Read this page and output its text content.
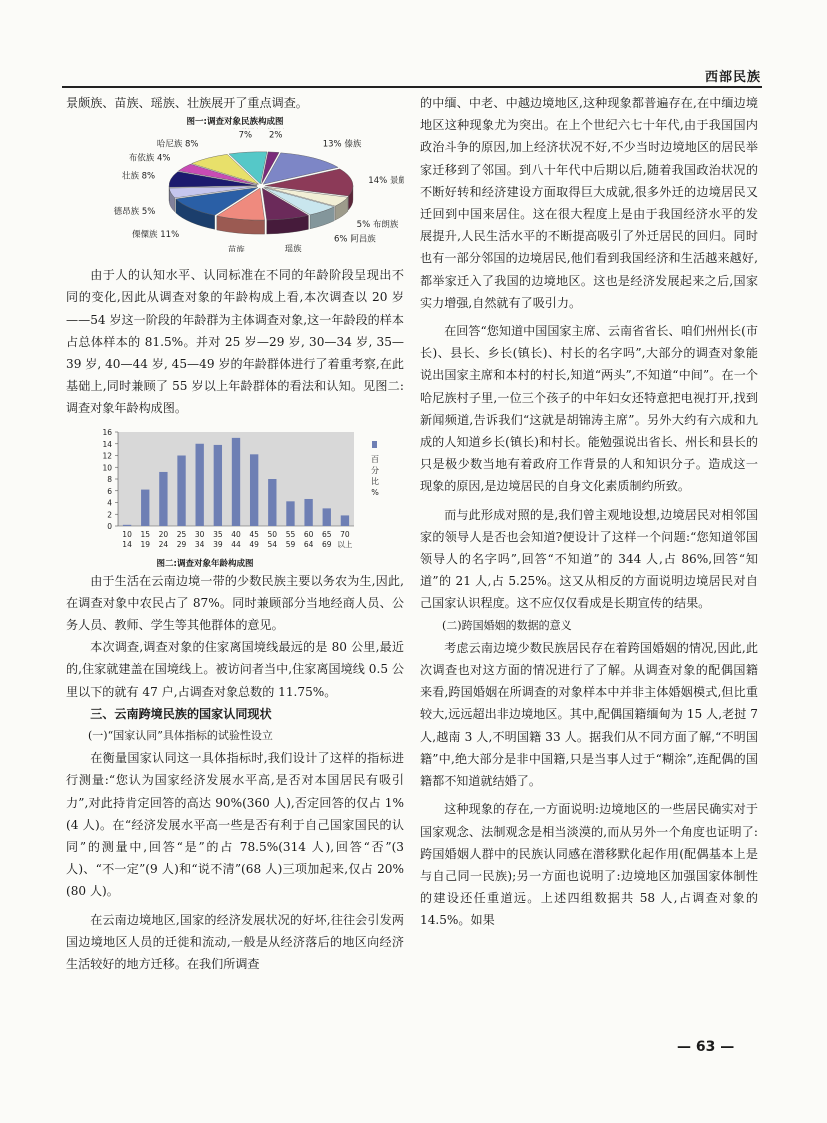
西部民族

景颇族、苗族、瑶族、壮族展开了重点调查。

图一:调查对象民族构成图
13% 傣族
14% 景颇
5% 布朗族
6% 阿昌族
瑶族
苗族
傈僳族 11%
德昂族 5%
壮族 8%
布依族 4%
哈尼族 8%
7% 2%

由于人的认知水平、认同标准在不同的年龄阶段呈现出不同的变化,因此从调查对象的年龄构成上看,本次调查以 20 岁——54 岁这一阶段的年龄群为主体调查对象,这一年龄段的样本占总体样本的 81.5%。并对 25 岁—29 岁, 30—34 岁, 35—39 岁, 40—44 岁, 45—49 岁的年龄群体进行了着重考察,在此基础上,同时兼顾了 55 岁以上年龄群体的看法和认知。见图二:调查对象年龄构成图。

0
2
4
6
8
10
12
14
16
10
14
15
19
20
24
25
29
30
34
35
39
40
44
45
49
50
54
55
59
60
64
65
69
70
以上
百
分
比
%
图二:调查对象年龄构成图

由于生活在云南边境一带的少数民族主要以务农为生,因此,在调查对象中农民占了 87%。同时兼顾部分当地经商人员、公务人员、教师、学生等其他群体的意见。

本次调查,调查对象的住家离国境线最远的是 80 公里,最近的,住家就建盖在国境线上。被访问者当中,住家离国境线 0.5 公里以下的就有 47 户,占调查对象总数的 11.75%。

三、云南跨境民族的国家认同现状
(一)“国家认同”具体指标的试验性设立

在衡量国家认同这一具体指标时,我们设计了这样的指标进行测量:“您认为国家经济发展水平高,是否对本国居民有吸引力”,对此持肯定回答的高达 90%(360 人),否定回答的仅占 1%(4 人)。在“经济发展水平高一些是否有利于自己国家国民的认同”的测量中,回答“是”的占 78.5%(314 人),回答“否”(3 人)、“不一定”(9 人)和“说不清”(68 人)三项加起来,仅占 20%(80 人)。

在云南边境地区,国家的经济发展状况的好坏,往往会引发两国边境地区人员的迁徙和流动,一般是从经济落后的地区向经济生活较好的地方迁移。在我们所调查

的中缅、中老、中越边境地区,这种现象都普遍存在,在中缅边境地区这种现象尤为突出。在上个世纪六七十年代,由于我国国内政治斗争的原因,加上经济状况不好,不少当时边境地区的居民举家迁移到了邻国。到八十年代中后期以后,随着我国政治状况的不断好转和经济建设方面取得巨大成就,很多外迁的边境居民又迁回到中国来居住。这在很大程度上是由于我国经济水平的发展提升,人民生活水平的不断提高吸引了外迁居民的回归。同时也有一部分邻国的边境居民,他们看到我国经济和生活越来越好,都举家迁入了我国的边境地区。这也是经济发展起来之后,国家实力增强,自然就有了吸引力。

在回答“您知道中国国家主席、云南省省长、咱们州州长(市长)、县长、乡长(镇长)、村长的名字吗”,大部分的调查对象能说出国家主席和本村的村长,知道“两头”,不知道“中间”。在一个哈尼族村子里,一位三个孩子的中年妇女还特意把电视打开,找到新闻频道,告诉我们“这就是胡锦涛主席”。另外大约有六成和九成的人知道乡长(镇长)和村长。能勉强说出省长、州长和县长的只是极少数当地有着政府工作背景的人和知识分子。造成这一现象的原因,是边境居民的自身文化素质制约所致。

而与此形成对照的是,我们曾主观地设想,边境居民对相邻国家的领导人是否也会知道?便设计了这样一个问题:“您知道邻国领导人的名字吗”,回答“不知道”的 344 人,占 86%,回答“知道”的 21 人,占 5.25%。这又从相反的方面说明边境居民对自己国家认识程度。这不应仅仅看成是长期宣传的结果。

(二)跨国婚姻的数据的意义

考虑云南边境少数民族居民存在着跨国婚姻的情况,因此,此次调查也对这方面的情况进行了了解。从调查对象的配偶国籍来看,跨国婚姻在所调查的对象样本中并非主体婚姻模式,但比重较大,远远超出非边境地区。其中,配偶国籍缅甸为 15 人,老挝 7 人,越南 3 人,不明国籍 33 人。据我们从不同方面了解,“不明国籍”中,绝大部分是非中国籍,只是当事人过于“糊涂”,连配偶的国籍都不知道就结婚了。

这种现象的存在,一方面说明:边境地区的一些居民确实对于国家观念、法制观念是相当淡漠的,而从另外一个角度也证明了:跨国婚姻人群中的民族认同感在潜移默化起作用(配偶基本上是与自己同一民族);另一方面也说明了:边境地区加强国家体制性的建设还任重道远。上述四组数据共 58 人,占调查对象的 14.5%。如果

— 63 —
